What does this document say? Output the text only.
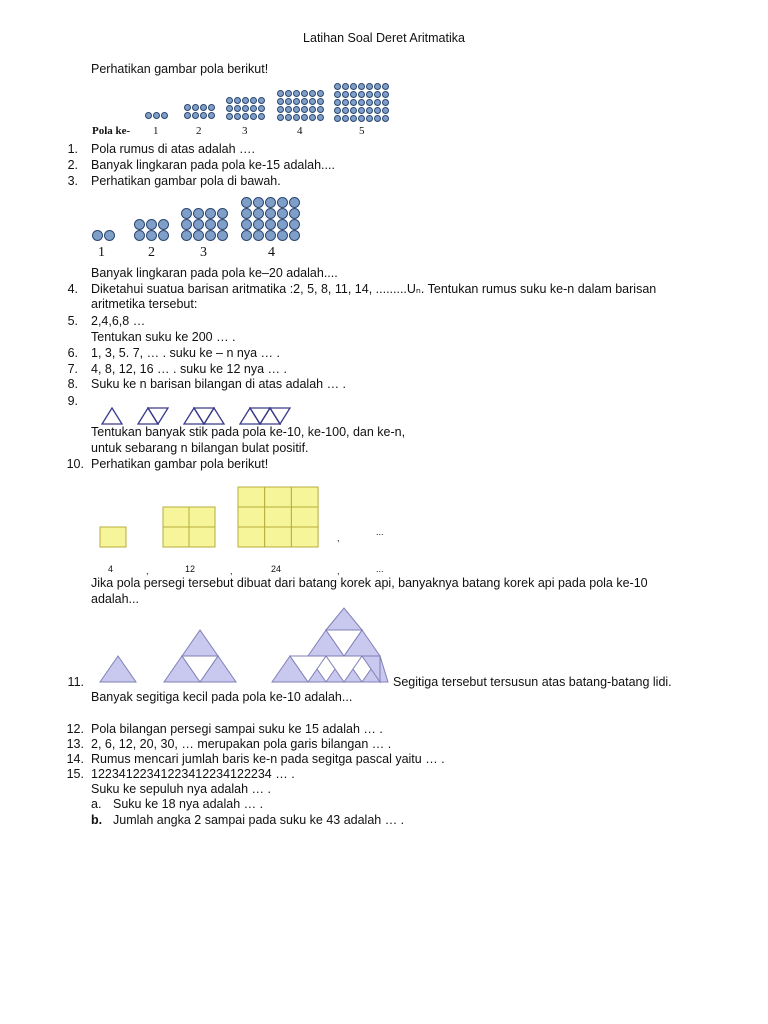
Latihan Soal Deret Aritmatika
Perhatikan gambar pola berikut!
Pola ke- 1	2	3	4	5
1. Pola rumus di atas adalah ….
2. Banyak lingkaran pada pola ke-15 adalah....
3. Perhatikan gambar pola di bawah.
1	2	3	4
Banyak lingkaran pada pola ke–20 adalah....
4. Diketahui suatua barisan aritmatika :2, 5, 8, 11, 14, .........Uₙ. Tentukan rumus suku ke-n dalam barisan
aritmetika tersebut:
5. 2,4,6,8 …
Tentukan suku ke 200 … .
6. 1, 3, 5. 7, … . suku ke – n nya … .
7. 4, 8, 12, 16 … . suku ke 12 nya … .
8. Suku ke n barisan bilangan di atas adalah … .
9.
Tentukan banyak stik pada pola ke-10, ke-100, dan ke-n,
untuk sebarang n bilangan bulat positif.
10. Perhatikan gambar pola berikut!
,
...
4	,	12	,	24	,	...
Jika pola persegi tersebut dibuat dari batang korek api, banyaknya batang korek api pada pola ke-10
adalah...
11.	Segitiga tersebut tersusun atas batang-batang lidi.
Banyak segitiga kecil pada pola ke-10 adalah...
12. Pola bilangan persegi sampai suku ke 15 adalah … .
13. 2, 6, 12, 20, 30, … merupakan pola garis bilangan … .
14. Rumus mencari jumlah baris ke-n pada segitga pascal yaitu … .
15. 12234122341223412234122234 … .
Suku ke sepuluh nya adalah … .
a. Suku ke 18 nya adalah … .
b. Jumlah angka 2 sampai pada suku ke 43 adalah … .
